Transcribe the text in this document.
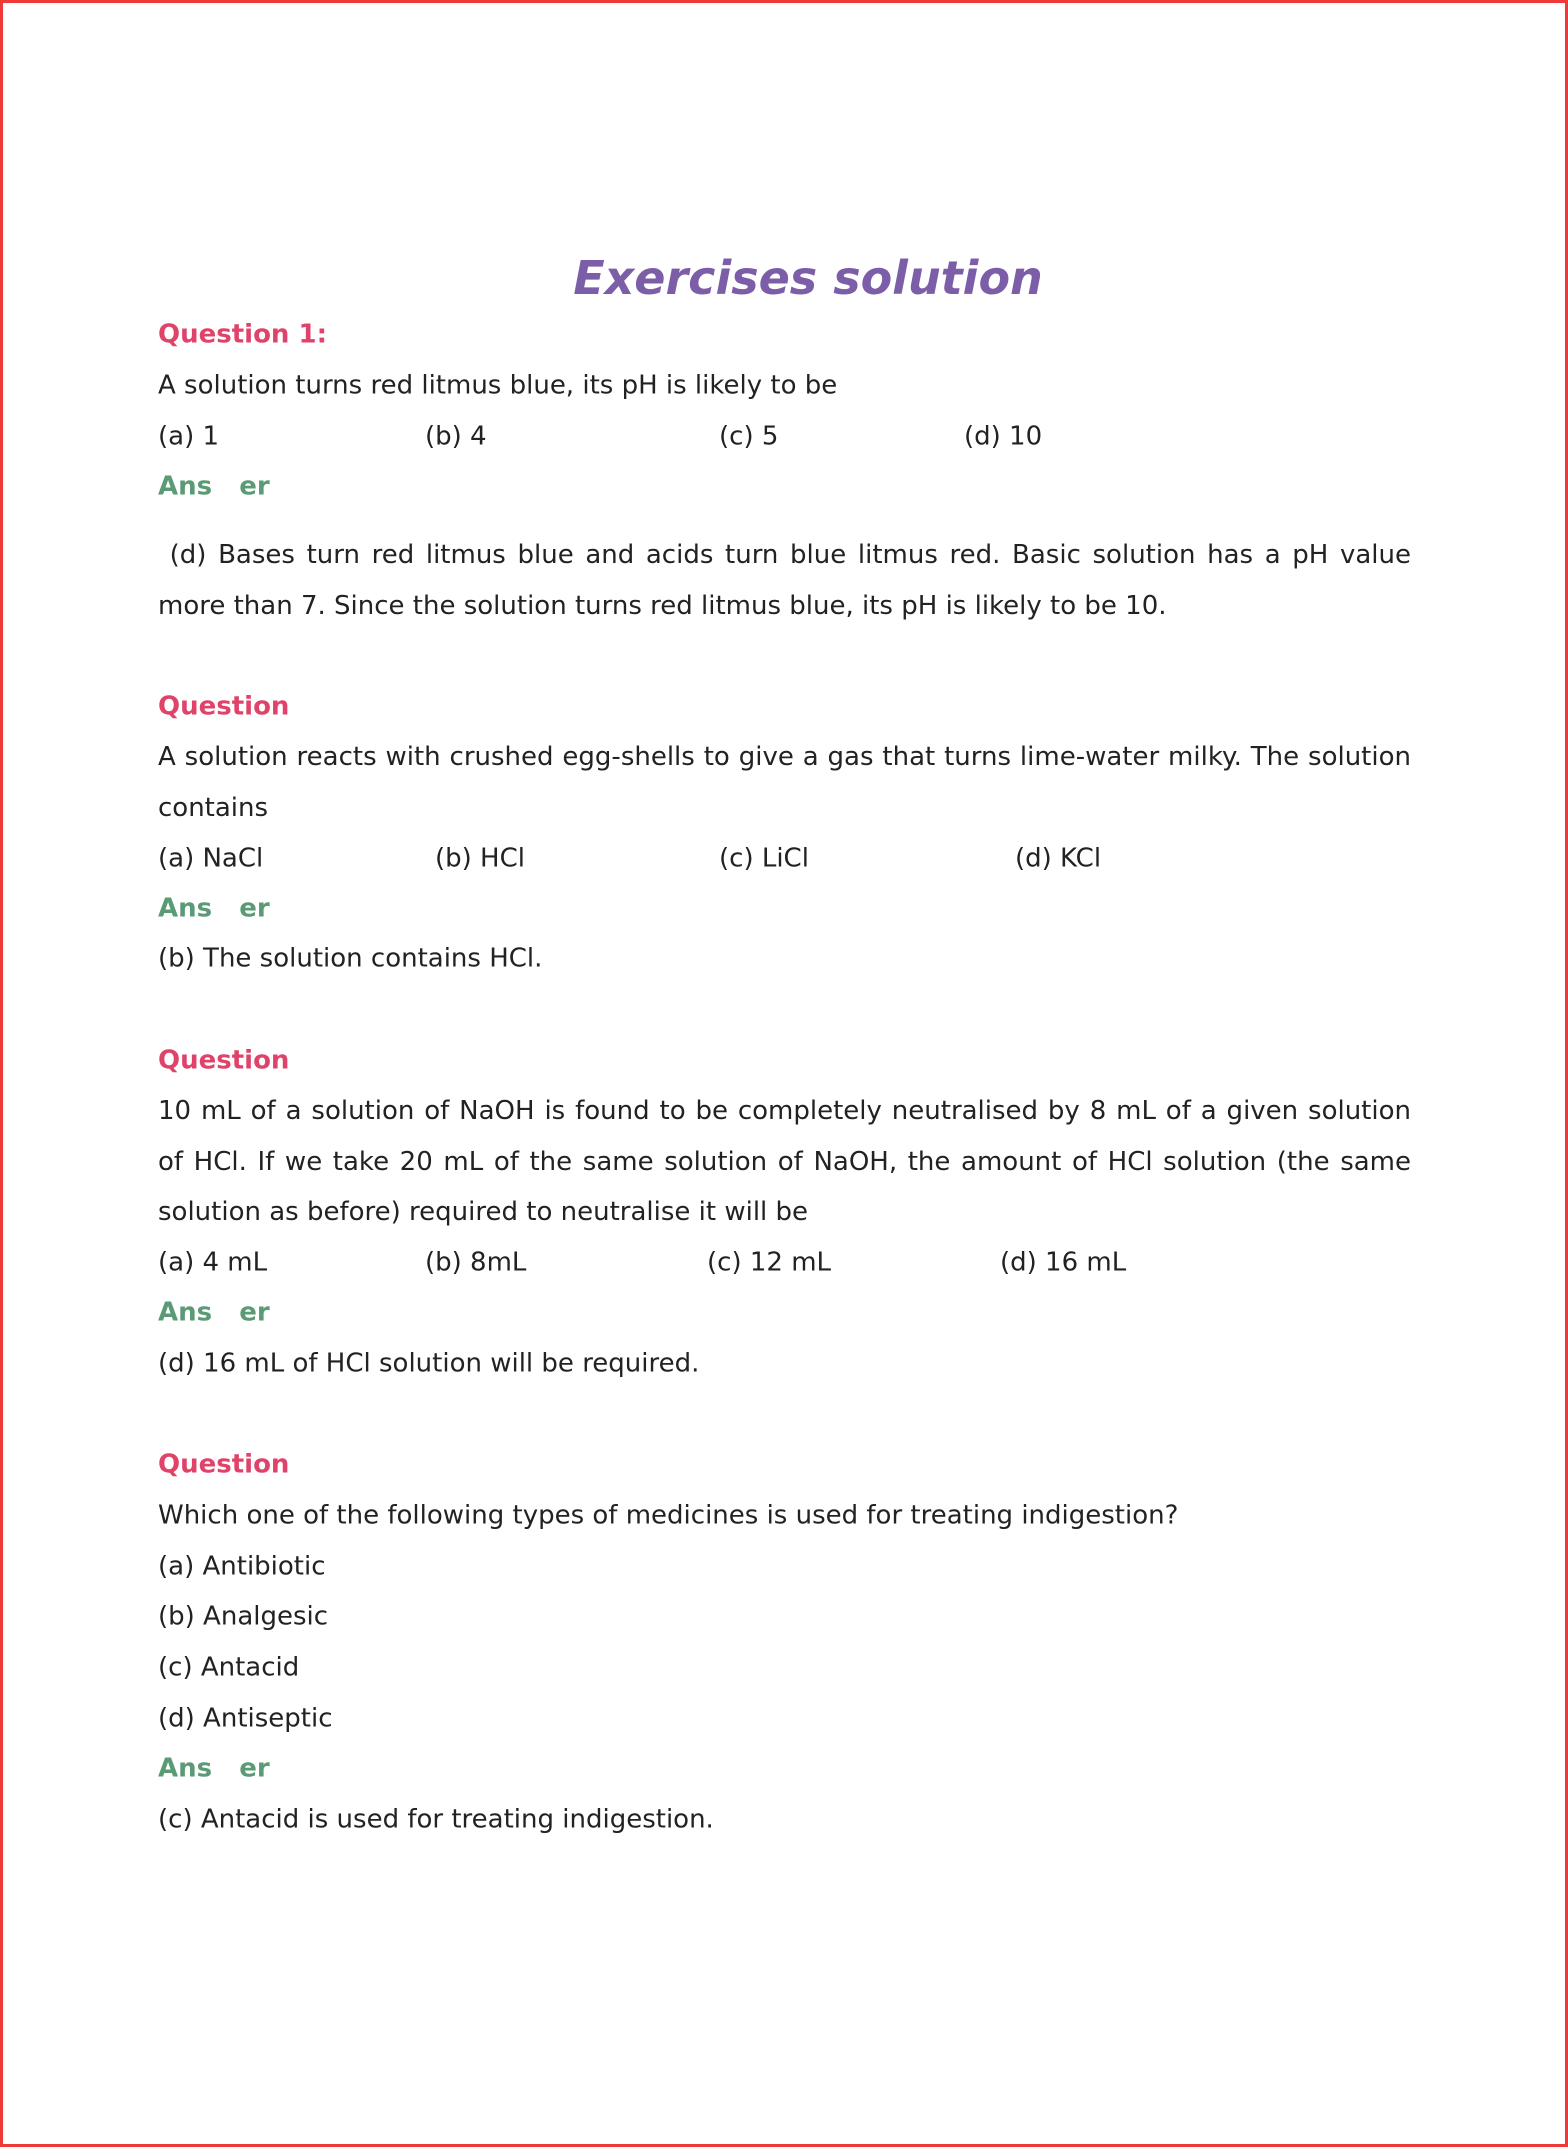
Exercises solution
Question 1:
A solution turns red litmus blue, its pH is likely to be
(a) 1	(b) 4	(c) 5	(d) 10
Ans   er
(d) Bases turn red litmus blue and acids turn blue litmus red. Basic solution has a pH value more than 7. Since the solution turns red litmus blue, its pH is likely to be 10.
Question
A solution reacts with crushed egg-shells to give a gas that turns lime-water milky. The solution contains
(a) NaCl	(b) HCl	(c) LiCl	(d) KCl
Ans   er
(b) The solution contains HCl.
Question
10 mL of a solution of NaOH is found to be completely neutralised by 8 mL of a given solution of HCl. If we take 20 mL of the same solution of NaOH, the amount of HCl solution (the same solution as before) required to neutralise it will be
(a) 4 mL	(b) 8mL	(c) 12 mL	(d) 16 mL
Ans   er
(d) 16 mL of HCl solution will be required.
Question
Which one of the following types of medicines is used for treating indigestion?
(a) Antibiotic
(b) Analgesic
(c) Antacid
(d) Antiseptic
Ans   er
(c) Antacid is used for treating indigestion.
